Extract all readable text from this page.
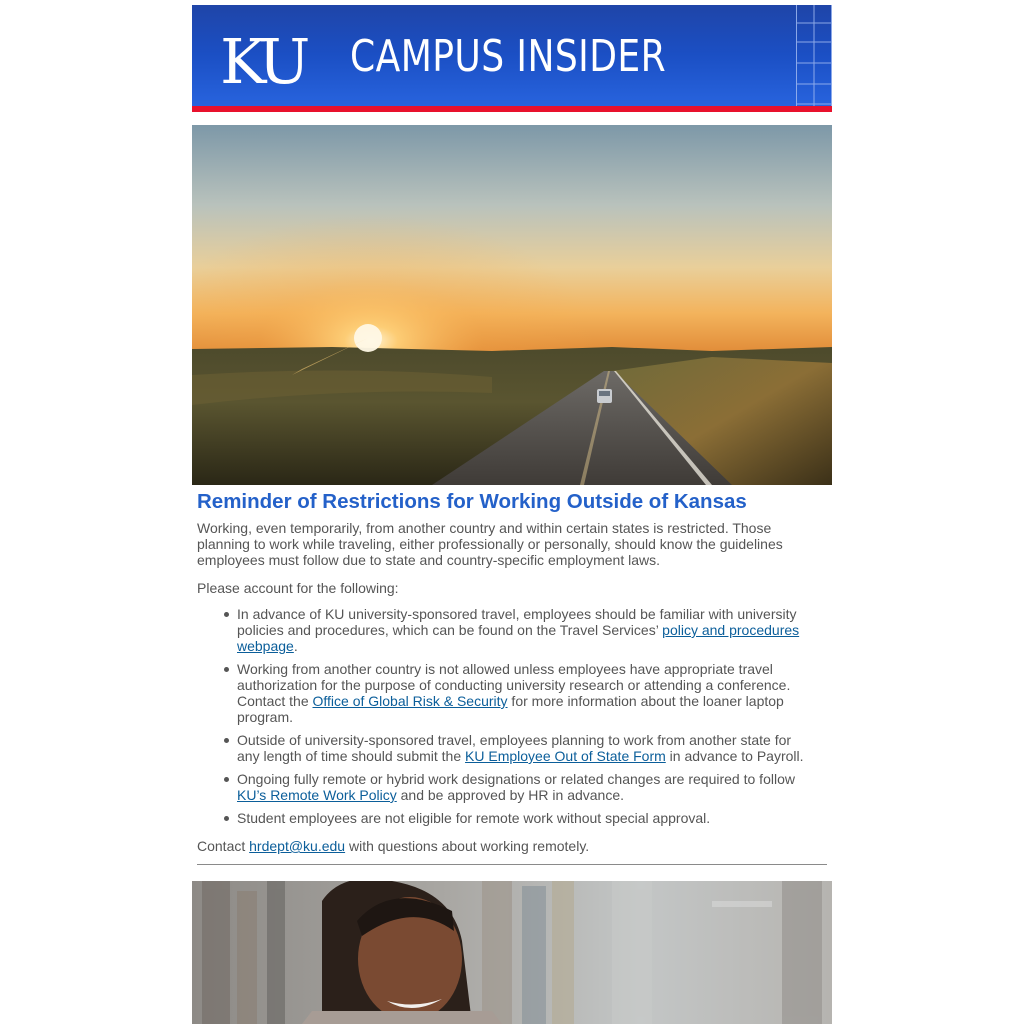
KU CAMPUS INSIDER
Reminder of Restrictions for Working Outside of Kansas

Working, even temporarily, from another country and within certain states is restricted. Those planning to work while traveling, either professionally or personally, should know the guidelines employees must follow due to state and country-specific employment laws.

Please account for the following:

In advance of KU university-sponsored travel, employees should be familiar with university policies and procedures, which can be found on the Travel Services’ policy and procedures webpage.
Working from another country is not allowed unless employees have appropriate travel authorization for the purpose of conducting university research or attending a conference. Contact the Office of Global Risk & Security for more information about the loaner laptop program.
Outside of university-sponsored travel, employees planning to work from another state for any length of time should submit the KU Employee Out of State Form in advance to Payroll.
Ongoing fully remote or hybrid work designations or related changes are required to follow KU’s Remote Work Policy and be approved by HR in advance.
Student employees are not eligible for remote work without special approval.

Contact hrdept@ku.edu with questions about working remotely.
